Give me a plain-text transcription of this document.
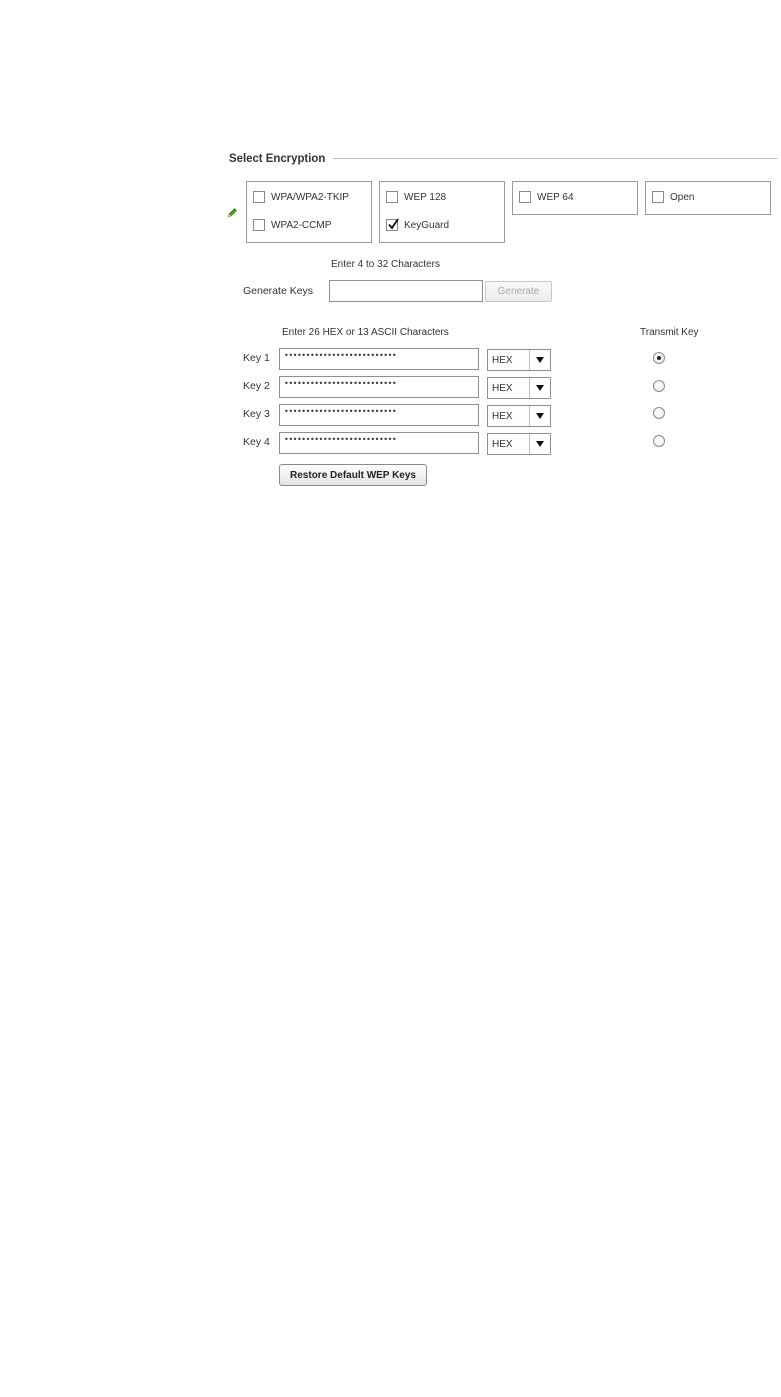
Select Encryption
WPA/WPA2-TKIP
WPA2-CCMP
WEP 128
KeyGuard
WEP 64	Open
Enter 4 to 32 Characters
Generate Keys	Generate
Enter 26 HEX or 13 ASCII Characters	Transmit Key
Key 1	••••••••••••••••••••••••••	HEX
Key 2	••••••••••••••••••••••••••	HEX
Key 3	••••••••••••••••••••••••••	HEX
Key 4	••••••••••••••••••••••••••	HEX
Restore Default WEP Keys
